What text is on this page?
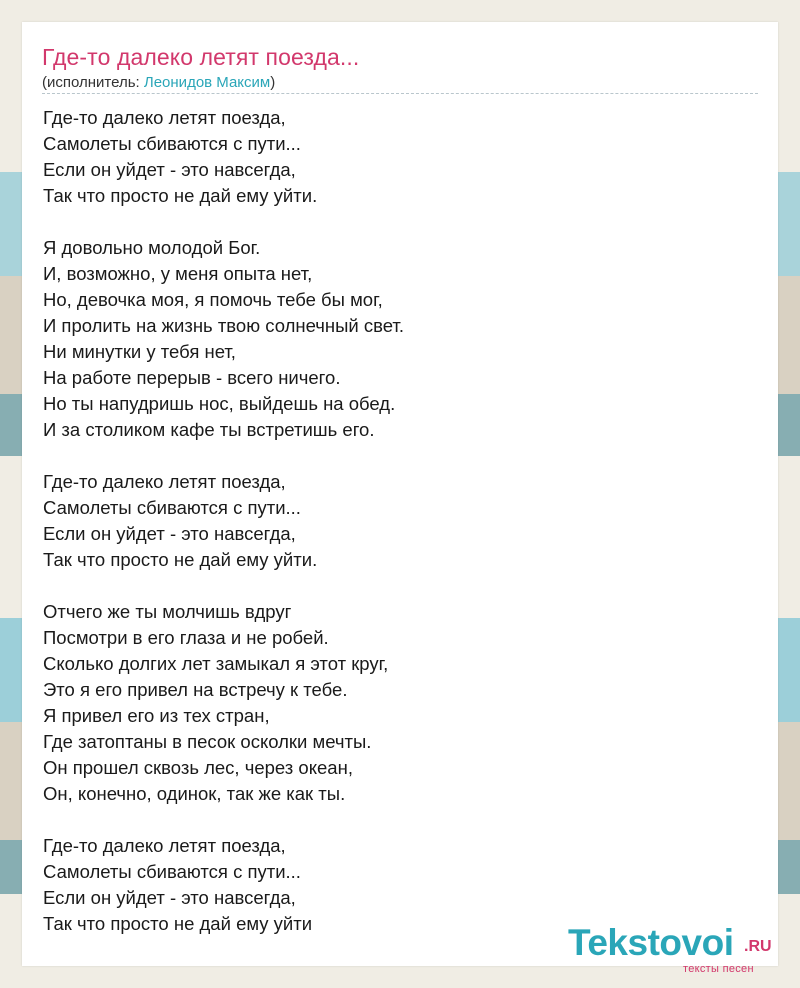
Где-то далеко летят поезда...
(исполнитель: Леонидов Максим)
Где-то далеко летят поезда,
Самолеты сбиваются с пути...
Если он уйдет - это навсегда,
Так что просто не дай ему уйти.
Я довольно молодой Бог.
И, возможно, у меня опыта нет,
Но, девочка моя, я помочь тебе бы мог,
И пролить на жизнь твою солнечный свет.
Ни минутки у тебя нет,
На работе перерыв - всего ничего.
Но ты напудришь нос, выйдешь на обед.
И за столиком кафе ты встретишь его.
Где-то далеко летят поезда,
Самолеты сбиваются с пути...
Если он уйдет - это навсегда,
Так что просто не дай ему уйти.
Отчего же ты молчишь вдруг
Посмотри в его глаза и не робей.
Сколько долгих лет замыкал я этот круг,
Это я его привел на встречу к тебе.
Я привел его из тех стран,
Где затоптаны в песок осколки мечты.
Он прошел сквозь лес, через океан,
Он, конечно, одинок, так же как ты.
Где-то далеко летят поезда,
Самолеты сбиваются с пути...
Если он уйдет - это навсегда,
Так что просто не дай ему уйти	Tekstovoi .RU
тексты песен
